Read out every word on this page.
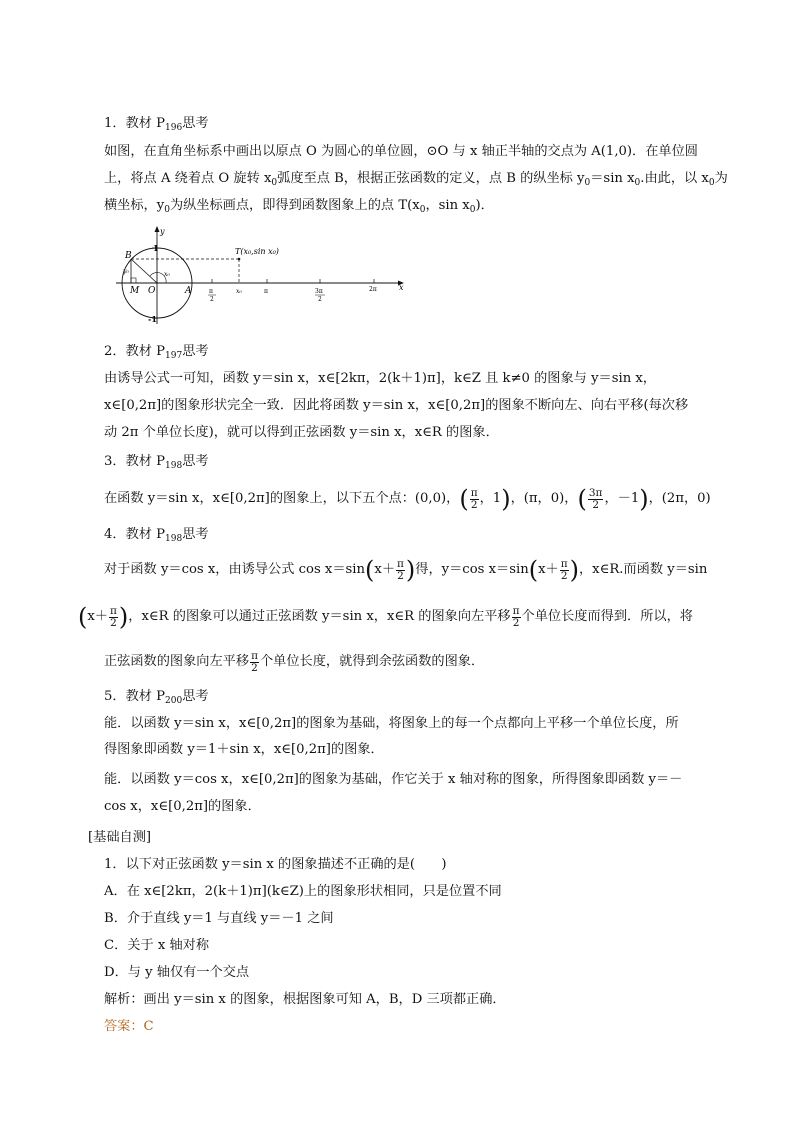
1．教材 $P_{196}$思考
如图，在直角坐标系中画出以原点 O 为圆心的单位圆，⊙O 与 x 轴正半轴的交点为 A(1,0)．在单位圆
上，将点 A 绕着点 O 旋转 $x_0$弧度至点 B，根据正弦函数的定义，点 B 的纵坐标 $y_0=\sin$ $x_0$.由此，以 $x_0$为
横坐标，$y_0$为纵坐标画点，即得到函数图象上的点 $T(x_0$，$\sin x_0$)．
y
x
B
O	A
M
y₀	x₀
T(x₀,sin x₀)
1
-1
π
2
x₀	π	3π
2
2π
2．教材 $P_{197}$思考
由诱导公式一可知，函数 y＝sin x，x∈[2kπ，2(k＋1)π]，k∈Z 且 k≠0 的图象与 y＝sin x，
x∈[0,2π]的图象形状完全一致．因此将函数 y＝sin x，x∈[0,2π]的图象不断向左、向右平移(每次移
动 2π 个单位长度)，就可以得到正弦函数 y＝sin x，x∈R 的图象．
3．教材 $P_{198}$思考
在函数 y＝sin x，x∈[0,2π]的图象上，以下五个点：(0,0)， ( $\frac{\pi}{2}$ ，1 ) ，(π，0)， ( $\frac{3\pi}{2}$ ，－1 ) ，(2π，0)
4．教材 $P_{198}$思考
对于函数 y＝cos x，由诱导公式 cos x＝sin ( $x+ \frac{\pi}{2}$ ) 得，y＝cos x＝sin ( $x+ \frac{\pi}{2}$ ) ，x∈R.而函数 y＝sin
( $x+ \frac{\pi}{2}$ ) ，x∈R 的图象可以通过正弦函数 y＝sin x，x∈R 的图象向左平移 $\frac{\pi}{2}$ 个单位长度而得到．所以，将
正弦函数的图象向左平移 $\frac{\pi}{2}$ 个单位长度，就得到余弦函数的图象．
5．教材 $P_{200}$思考
能．以函数 y＝sin x，x∈[0,2π]的图象为基础，将图象上的每一个点都向上平移一个单位长度，所
得图象即函数 y＝1＋sin x，x∈[0,2π]的图象．
能．以函数 y＝cos x，x∈[0,2π]的图象为基础，作它关于 x 轴对称的图象，所得图象即函数 y＝－
cos x，x∈[0,2π]的图象．
[基础自测]
1．以下对正弦函数 y＝sin x 的图象描述不正确的是(　　)
A．在 x∈[2kπ，2(k＋1)π](k∈Z)上的图象形状相同，只是位置不同
B．介于直线 y＝1 与直线 y＝－1 之间
C．关于 x 轴对称
D．与 y 轴仅有一个交点
解析：画出 y＝sin x 的图象，根据图象可知 A，B，D 三项都正确．
答案：C
